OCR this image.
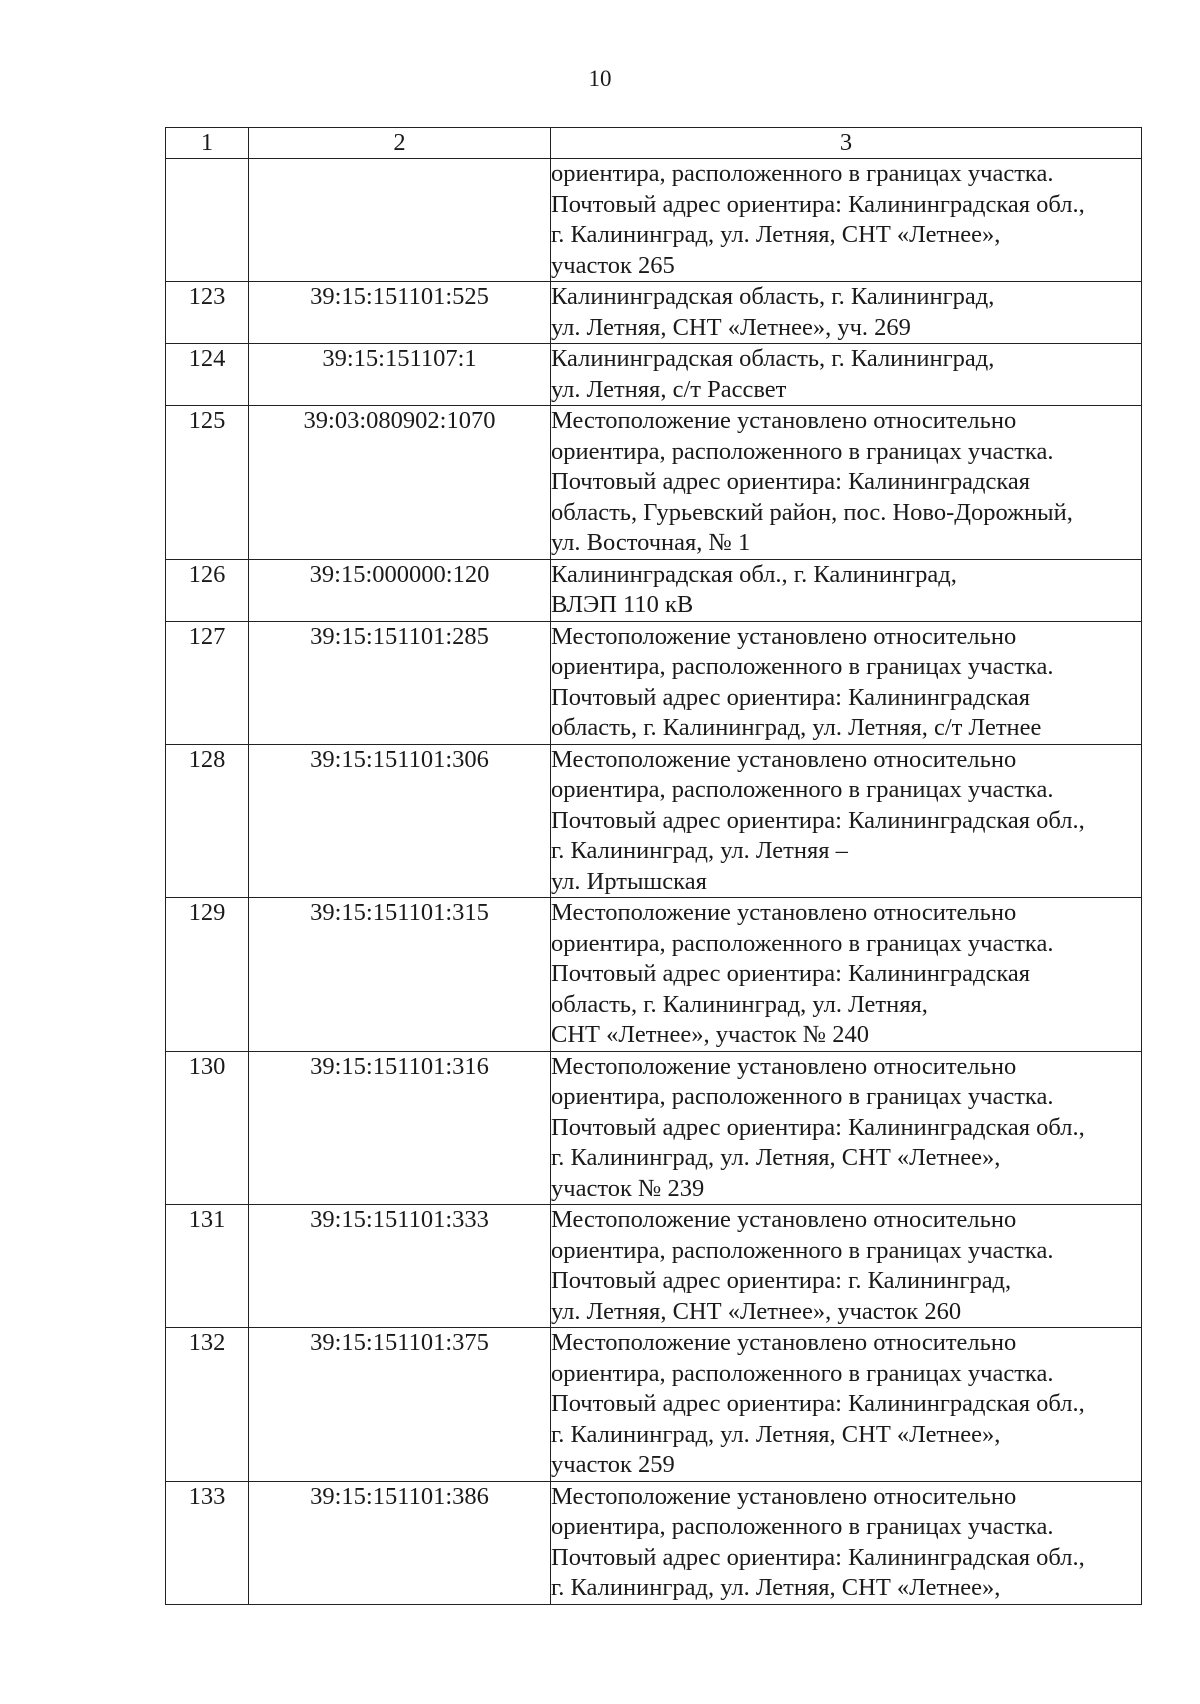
10
1	2	3
		ориентира, расположенного в границах участка.
Почтовый адрес ориентира: Калининградская обл.,
г. Калининград, ул. Летняя, СНТ «Летнее»,
участок 265
123	39:15:151101:525	Калининградская область, г. Калининград,
ул. Летняя, СНТ «Летнее», уч. 269
124	39:15:151107:1	Калининградская область, г. Калининград,
ул. Летняя, с/т Рассвет
125	39:03:080902:1070	Местоположение установлено относительно
ориентира, расположенного в границах участка.
Почтовый адрес ориентира: Калининградская
область, Гурьевский район, пос. Ново-Дорожный,
ул. Восточная, № 1
126	39:15:000000:120	Калининградская обл., г. Калининград,
ВЛЭП 110 кВ
127	39:15:151101:285	Местоположение установлено относительно
ориентира, расположенного в границах участка.
Почтовый адрес ориентира: Калининградская
область, г. Калининград, ул. Летняя, с/т Летнее
128	39:15:151101:306	Местоположение установлено относительно
ориентира, расположенного в границах участка.
Почтовый адрес ориентира: Калининградская обл.,
г. Калининград, ул. Летняя –
ул. Иртышская
129	39:15:151101:315	Местоположение установлено относительно
ориентира, расположенного в границах участка.
Почтовый адрес ориентира: Калининградская
область, г. Калининград, ул. Летняя,
СНТ «Летнее», участок № 240
130	39:15:151101:316	Местоположение установлено относительно
ориентира, расположенного в границах участка.
Почтовый адрес ориентира: Калининградская обл.,
г. Калининград, ул. Летняя, СНТ «Летнее»,
участок № 239
131	39:15:151101:333	Местоположение установлено относительно
ориентира, расположенного в границах участка.
Почтовый адрес ориентира: г. Калининград,
ул. Летняя, СНТ «Летнее», участок 260
132	39:15:151101:375	Местоположение установлено относительно
ориентира, расположенного в границах участка.
Почтовый адрес ориентира: Калининградская обл.,
г. Калининград, ул. Летняя, СНТ «Летнее»,
участок 259
133	39:15:151101:386	Местоположение установлено относительно
ориентира, расположенного в границах участка.
Почтовый адрес ориентира: Калининградская обл.,
г. Калининград, ул. Летняя, СНТ «Летнее»,
